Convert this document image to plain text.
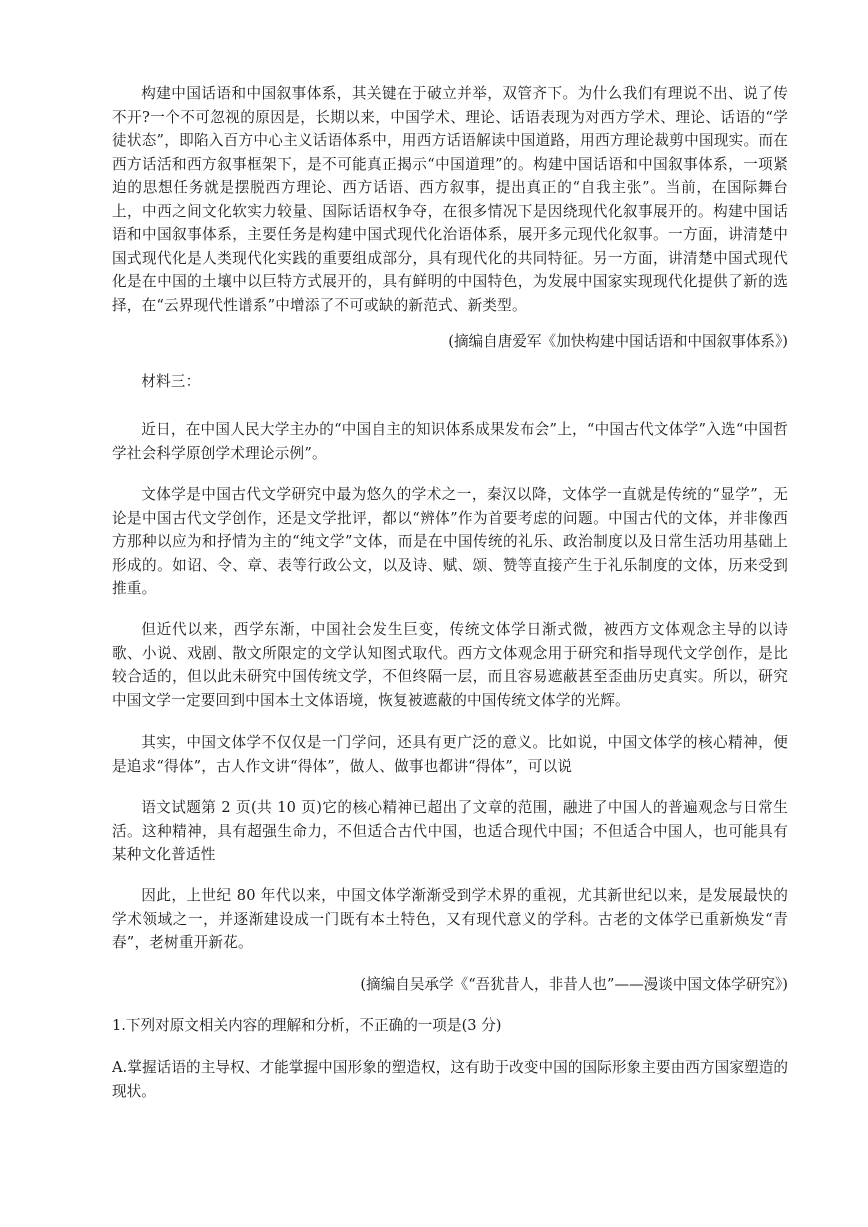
构建中国话语和中国叙事体系，其关键在于破立并举，双管齐下。为什么我们有理说不出、说了传不开?一个不可忽视的原因是，长期以来，中国学术、理论、话语表现为对西方学术、理论、话语的“学徒状态”，即陷入百方中心主义话语体系中，用西方话语解读中国道路，用西方理论裁剪中国现实。而在西方话活和西方叙事框架下，是不可能真正揭示“中国道理”的。构建中国话语和中国叙事体系，一项紧迫的思想任务就是摆脱西方理论、西方话语、西方叙事，提出真正的“自我主张”。当前，在国际舞台上，中西之间文化软实力较量、国际话语权争夺，在很多情况下是因绕现代化叙事展开的。构建中国话语和中国叙事体系，主要任务是构建中国式现代化治语体系，展开多元现代化叙事。一方面，讲清楚中国式现代化是人类现代化实践的重要组成部分，具有现代化的共同特征。另一方面，讲清楚中国式现代化是在中国的土壤中以巨特方式展开的，具有鲜明的中国特色，为发展中国家实现现代化提供了新的选择，在“云界现代性谱系”中增添了不可或缺的新范式、新类型。

(摘编自唐爱军《加快构建中国话语和中国叙事体系》)

材料三：

近日，在中国人民大学主办的“中国自主的知识体系成果发布会”上，“中国古代文体学”入选“中国哲学社会科学原创学术理论示例”。

文体学是中国古代文学研究中最为悠久的学术之一，秦汉以降，文体学一直就是传统的“显学”，无论是中国古代文学创作，还是文学批评，都以“辨体”作为首要考虑的问题。中国古代的文体，并非像西方那种以应为和抒情为主的“纯文学”文体，而是在中国传统的礼乐、政治制度以及日常生活功用基础上形成的。如诏、令、章、表等行政公文，以及诗、赋、颂、赞等直接产生于礼乐制度的文体，历来受到推重。

但近代以来，西学东渐，中国社会发生巨变，传统文体学日渐式微，被西方文体观念主导的以诗歌、小说、戏剧、散文所限定的文学认知图式取代。西方文体观念用于研究和指导现代文学创作，是比较合适的，但以此未研究中国传统文学，不但终隔一层，而且容易遮蔽甚至歪曲历史真实。所以，研究中国文学一定要回到中国本土文体语境，恢复被遮蔽的中国传统文体学的光辉。

其实，中国文体学不仅仅是一门学问，还具有更广泛的意义。比如说，中国文体学的核心精神，便是追求“得体”，古人作文讲“得体”，做人、做事也都讲“得体”，可以说

语文试题第 2 页(共 10 页)它的核心精神已超出了文章的范围，融进了中国人的普遍观念与日常生活。这种精神，具有超强生命力，不但适合古代中国，也适合现代中国；不但适合中国人，也可能具有某种文化普适性

因此，上世纪 80 年代以来，中国文体学渐渐受到学术界的重视，尤其新世纪以来，是发展最快的学术领域之一，并逐渐建设成一门既有本土特色，又有现代意义的学科。古老的文体学已重新焕发“青春”，老树重开新花。

(摘编自吴承学《“吾犹昔人，非昔人也”——漫谈中国文体学研究》)

1.下列对原文相关内容的理解和分析，不正确的一项是(3 分)

A.掌握话语的主导权、才能掌握中国形象的塑造权，这有助于改变中国的国际形象主要由西方国家塑造的现状。
